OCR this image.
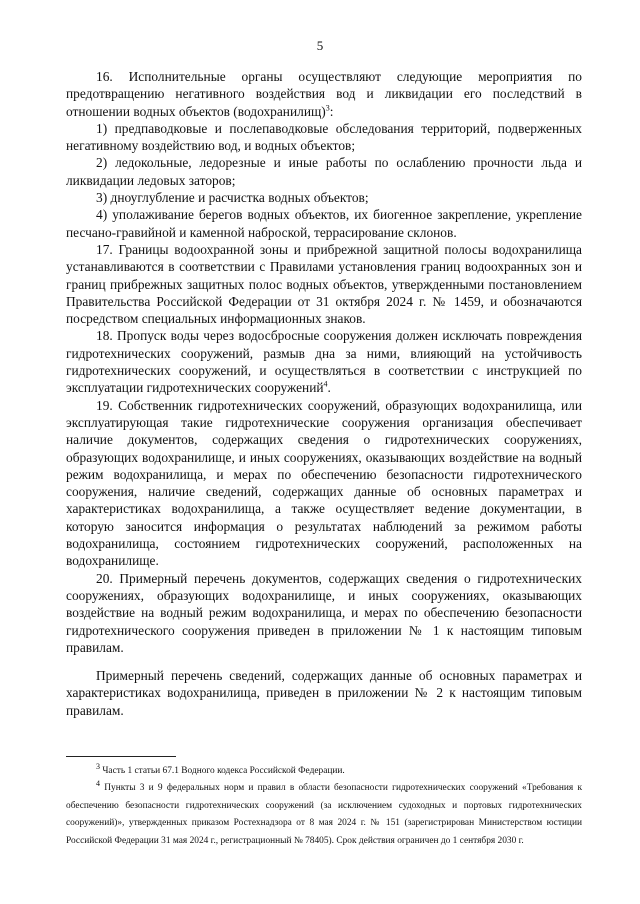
5

16. Исполнительные органы осуществляют следующие мероприятия по предотвращению негативного воздействия вод и ликвидации его последствий в отношении водных объектов (водохранилищ)$^3$:

1) предпаводковые и послепаводковые обследования территорий, подверженных негативному воздействию вод, и водных объектов;

2) ледокольные, ледорезные и иные работы по ослаблению прочности льда и ликвидации ледовых заторов;

3) дноуглубление и расчистка водных объектов;

4) уполаживание берегов водных объектов, их биогенное закрепление, укрепление песчано-гравийной и каменной наброской, террасирование склонов.

17. Границы водоохранной зоны и прибрежной защитной полосы водохранилища устанавливаются в соответствии с Правилами установления границ водоохранных зон и границ прибрежных защитных полос водных объектов, утвержденными постановлением Правительства Российской Федерации от 31 октября 2024 г. № 1459, и обозначаются посредством специальных информационных знаков.

18. Пропуск воды через водосбросные сооружения должен исключать повреждения гидротехнических сооружений, размыв дна за ними, влияющий на устойчивость гидротехнических сооружений, и осуществляться в соответствии с инструкцией по эксплуатации гидротехнических сооружений$^4$.

19. Собственник гидротехнических сооружений, образующих водохранилища, или эксплуатирующая такие гидротехнические сооружения организация обеспечивает наличие документов, содержащих сведения о гидротехнических сооружениях, образующих водохранилище, и иных сооружениях, оказывающих воздействие на водный режим водохранилища, и мерах по обеспечению безопасности гидротехнического сооружения, наличие сведений, содержащих данные об основных параметрах и характеристиках водохранилища, а также осуществляет ведение документации, в которую заносится информация о результатах наблюдений за режимом работы водохранилища, состоянием гидротехнических сооружений, расположенных на водохранилище.

20. Примерный перечень документов, содержащих сведения о гидротехнических сооружениях, образующих водохранилище, и иных сооружениях, оказывающих воздействие на водный режим водохранилища, и мерах по обеспечению безопасности гидротехнического сооружения приведен в приложении № 1 к настоящим типовым правилам.

Примерный перечень сведений, содержащих данные об основных параметрах и характеристиках водохранилища, приведен в приложении № 2 к настоящим типовым правилам.

$^3$ Часть 1 статьи 67.1 Водного кодекса Российской Федерации.

$^4$ Пункты 3 и 9 федеральных норм и правил в области безопасности гидротехнических сооружений «Требования к обеспечению безопасности гидротехнических сооружений (за исключением судоходных и портовых гидротехнических сооружений)», утвержденных приказом Ростехнадзора от 8 мая 2024 г. № 151 (зарегистрирован Министерством юстиции Российской Федерации 31 мая 2024 г., регистрационный № 78405). Срок действия ограничен до 1 сентября 2030 г.
